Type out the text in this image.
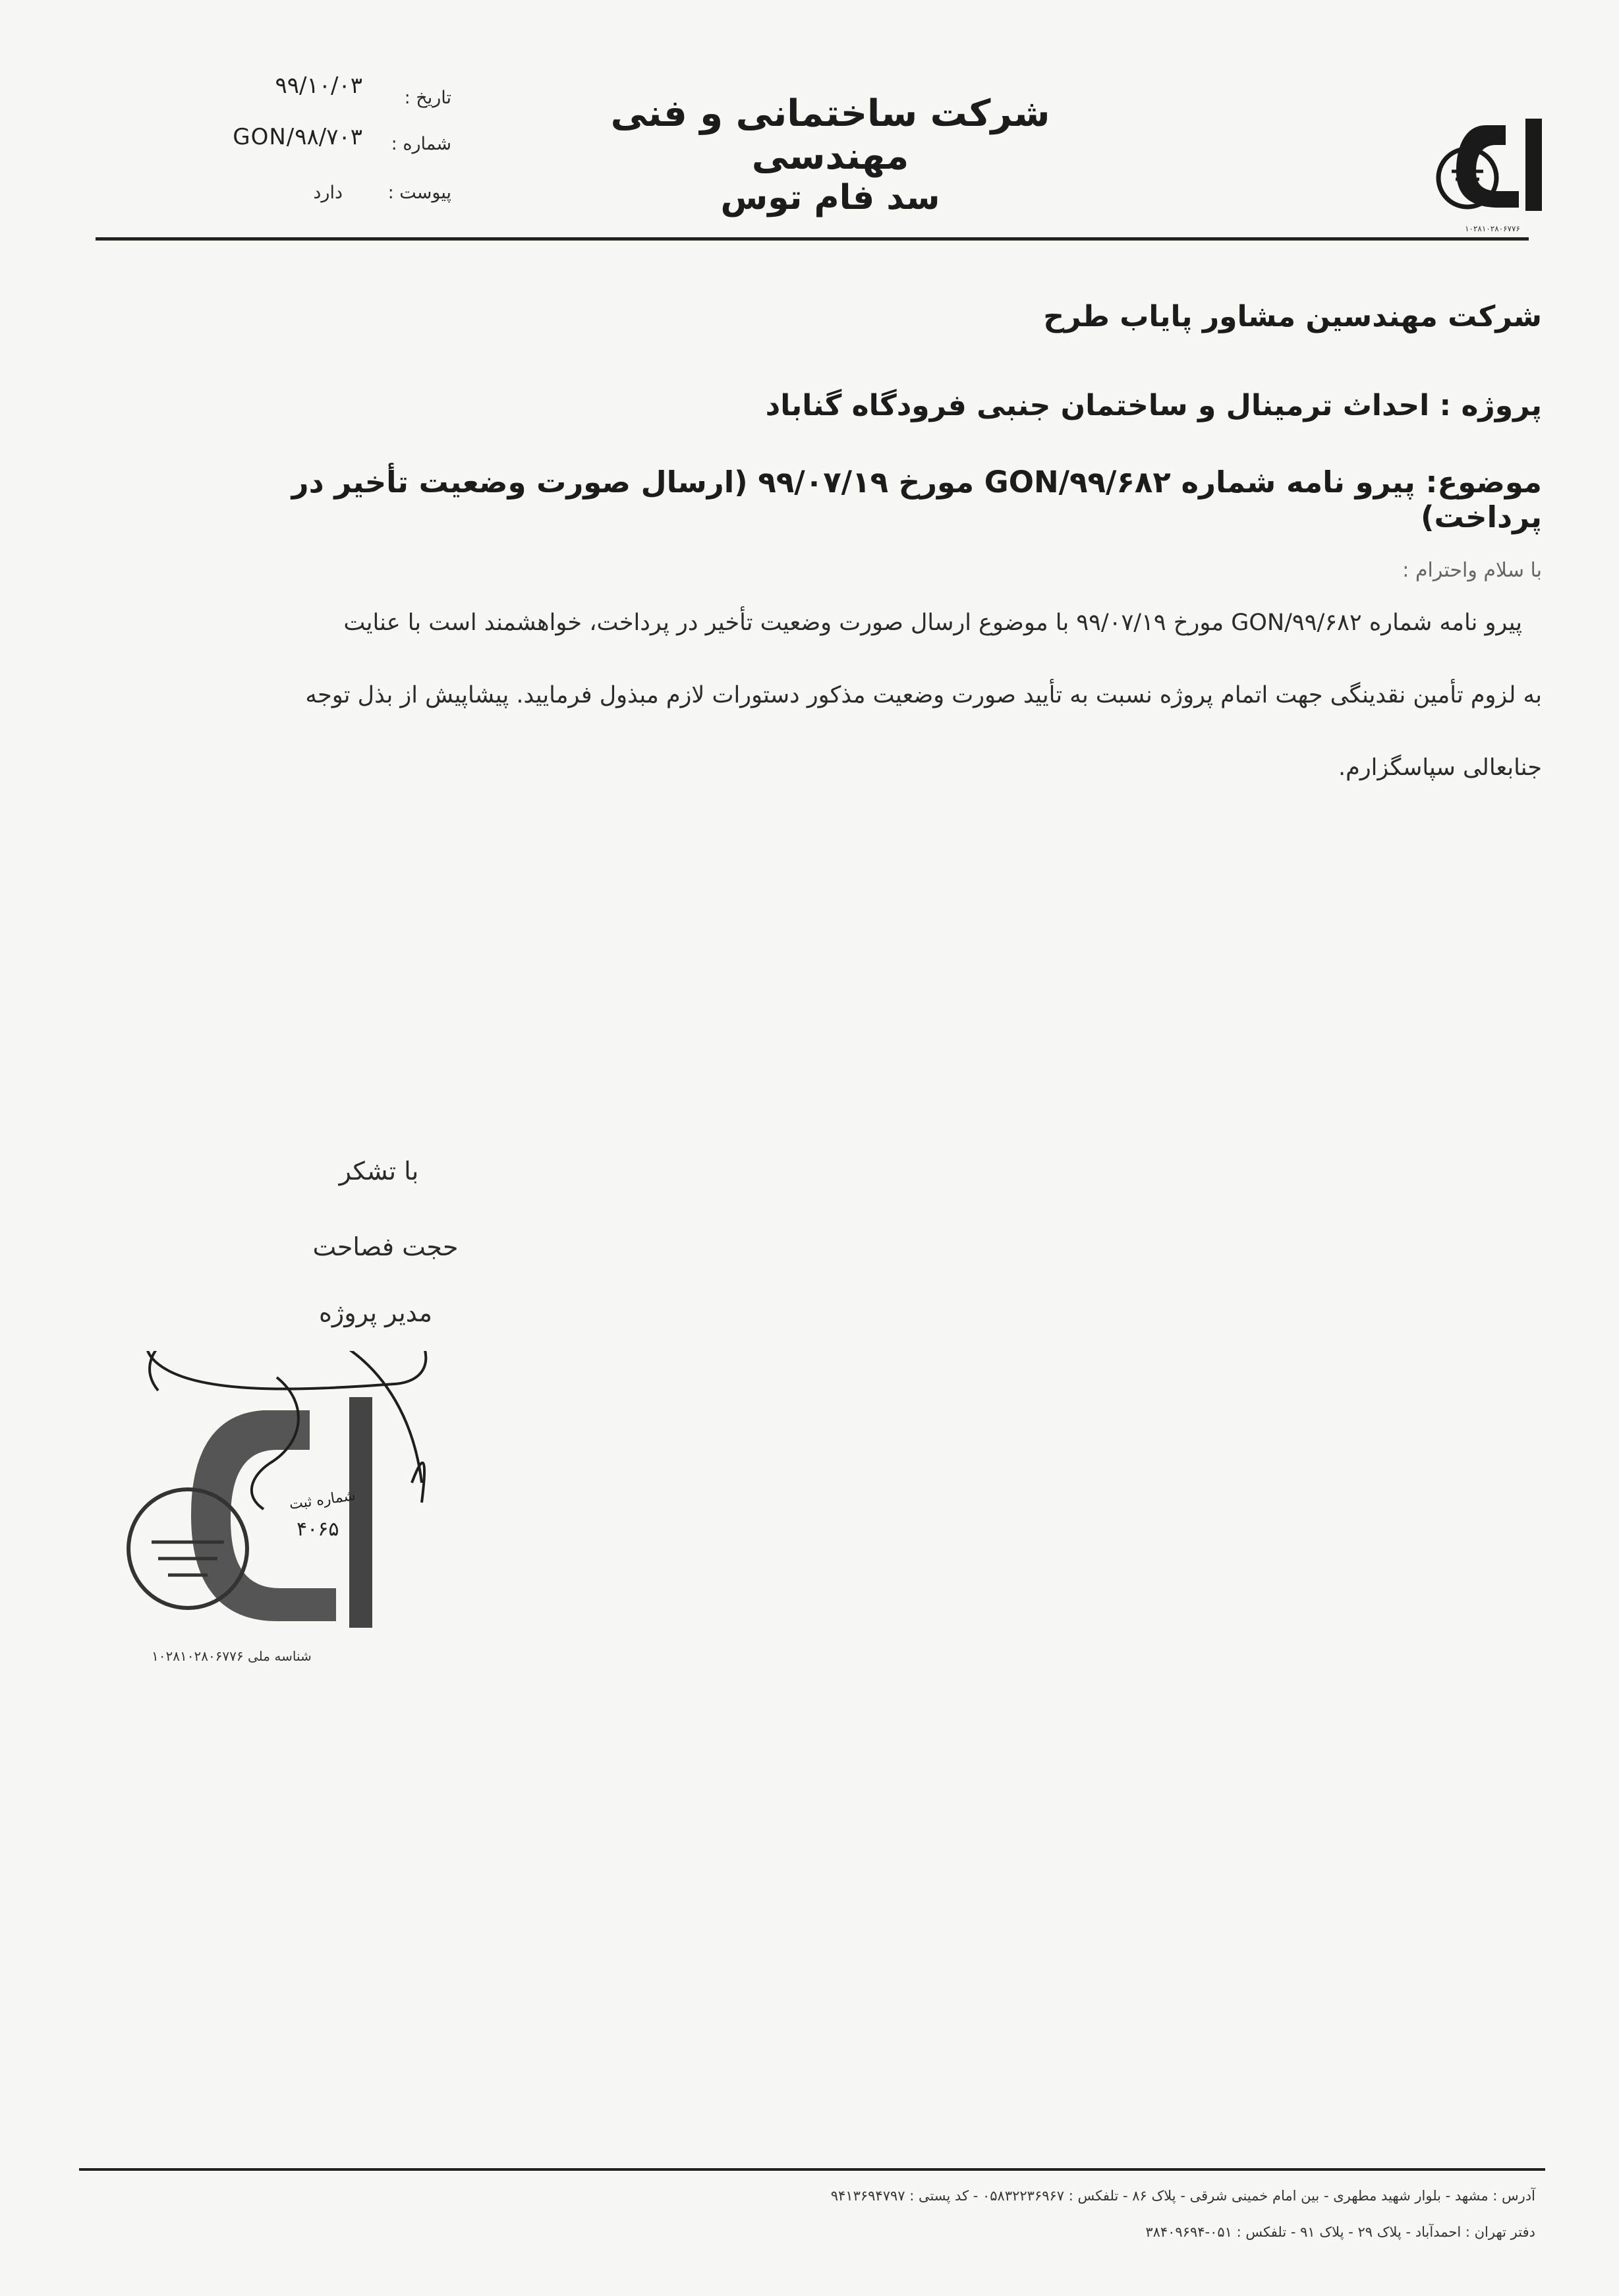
۱۰۲۸۱۰۲۸۰۶۷۷۶
شرکت ساختمانی و فنی مهندسی
سد فام توس
تاریخ :
۹۹/۱۰/۰۳
شماره :
GON/۹۸/۷۰۳
پیوست :
دارد
شرکت مهندسین مشاور پایاب طرح
پروژه : احداث ترمینال و ساختمان جنبی فرودگاه گناباد
موضوع: پیرو نامه شماره GON/۹۹/۶۸۲ مورخ ۹۹/۰۷/۱۹ (ارسال صورت وضعیت تأخیر در پرداخت)
با سلام واحترام :
پیرو نامه شماره GON/۹۹/۶۸۲ مورخ ۹۹/۰۷/۱۹ با موضوع ارسال صورت وضعیت تأخیر در پرداخت، خواهشمند است با عنایت
به لزوم تأمین نقدینگی جهت اتمام پروژه نسبت به تأیید صورت وضعیت مذکور دستورات لازم مبذول فرمایید. پیشاپیش از بذل توجه
جنابعالی سپاسگزارم.
با تشکر
حجت فصاحت
مدیر پروژه
شماره ثبت
۴۰۶۵
شناسه ملی ۱۰۲۸۱۰۲۸۰۶۷۷۶
آدرس : مشهد - بلوار شهید مطهری - بین امام خمینی شرقی - پلاک ۸۶ - تلفکس : ۰۵۸۳۲۲۳۶۹۶۷ - کد پستی : ۹۴۱۳۶۹۴۷۹۷
دفتر تهران : احمدآباد - پلاک ۲۹ - پلاک ۹۱ - تلفکس : ۰۵۱-۳۸۴۰۹۶۹۴
